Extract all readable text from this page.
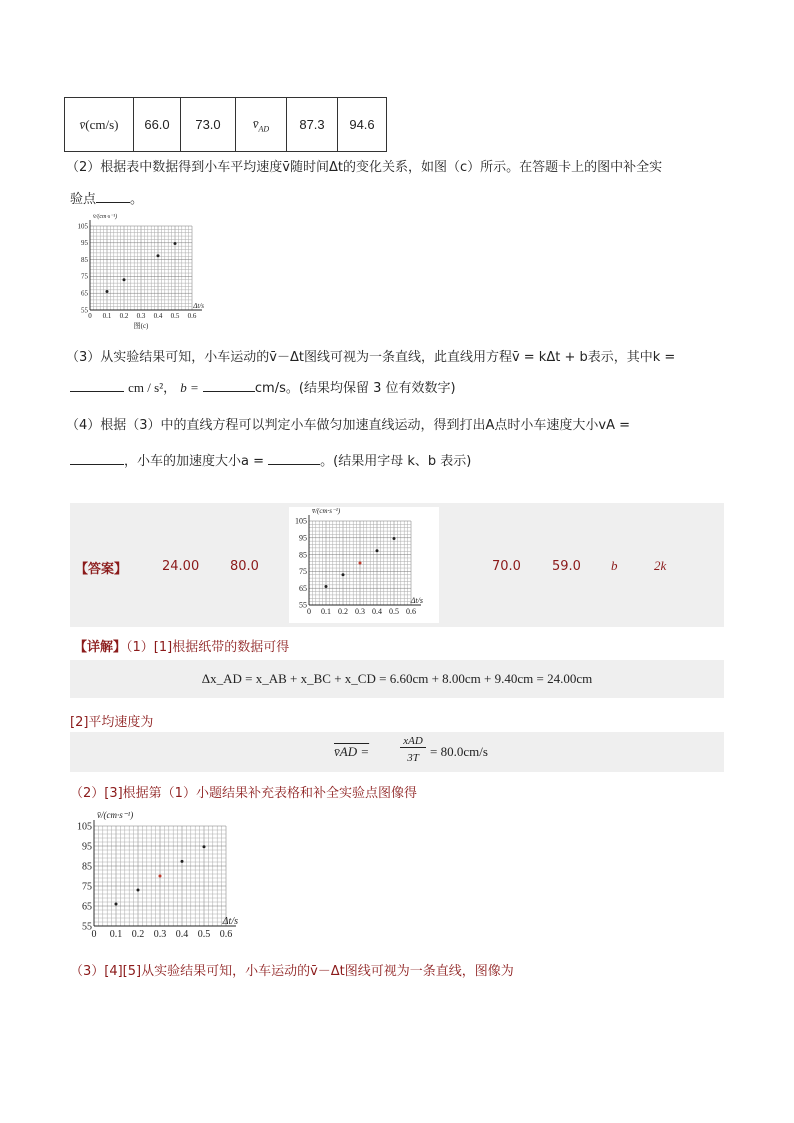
v̄(cm/s)	66.0	73.0	$v̄_{AD}$	87.3	94.6
（2）根据表中数据得到小车平均速度v̄随时间Δt的变化关系，如图（c）所示。在答题卡上的图中补全实
验点	。
0 0.1 0.2 0.3 0.4 0.5 0.6
55
65
75
85
95
105
v̄/(cm·s⁻¹)
Δt/s
图(c)
（3）从实验结果可知，小车运动的v̄－Δt图线可视为一条直线，此直线用方程v̄ = kΔt + b表示，其中k =
cm / s²， b =	cm/s。(结果均保留 3 位有效数字)
（4）根据（3）中的直线方程可以判定小车做匀加速直线运动，得到打出A点时小车速度大小vA =
，小车的加速度大小a =	。(结果用字母 k、b 表示)
【答案】	24.00 80.0
0 0.1 0.2 0.3 0.4 0.5 0.6
55
65
75
85
95
105
v̄/(cm·s⁻¹)
Δt/s
70.0 59.0 b	2k
【详解】（1）[1]根据纸带的数据可得
Δx_AD = x_AB + x_BC + x_CD = 6.60cm + 8.00cm + 9.40cm = 24.00cm
[2]平均速度为
v̄AD =
xAD
3T = 80.0cm/s
（2）[3]根据第（1）小题结果补充表格和补全实验点图像得
0 0.1 0.2 0.3 0.4 0.5 0.6
55
65
75
85
95
105
v̄/(cm·s⁻¹)
Δt/s
（3）[4][5]从实验结果可知，小车运动的v̄－Δt图线可视为一条直线，图像为
